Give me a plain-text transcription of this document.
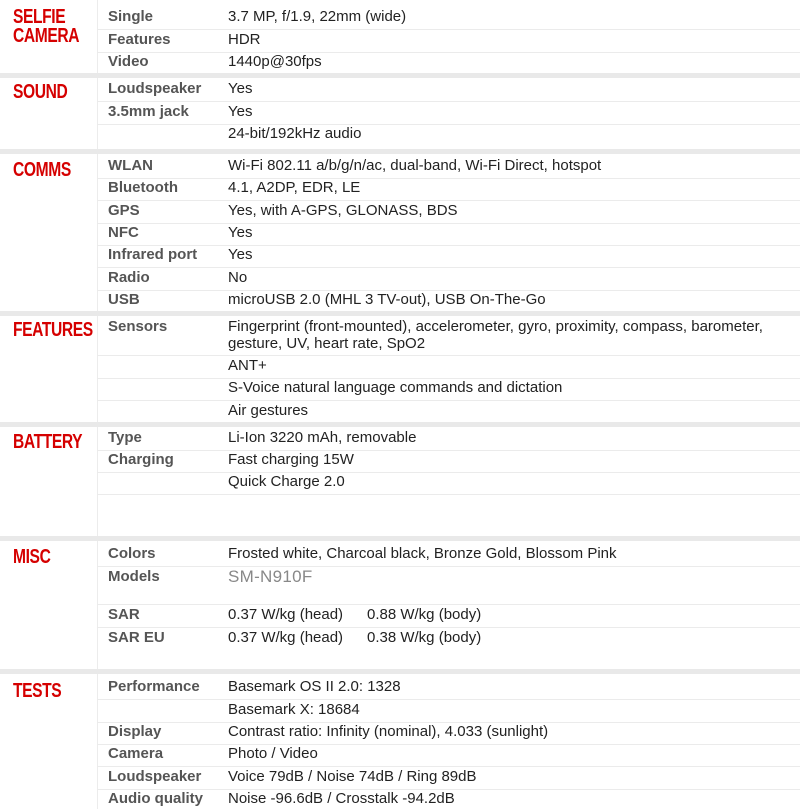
SELFIE
CAMERA
Single	3.7 MP, f/1.9, 22mm (wide)
Features	HDR
Video	1440p@30fps
SOUND	Loudspeaker Yes
3.5mm jack	Yes
24-bit/192kHz audio
COMMS WLAN	Wi-Fi 802.11 a/b/g/n/ac, dual-band, Wi-Fi Direct, hotspot
Bluetooth	4.1, A2DP, EDR, LE
GPS	Yes, with A-GPS, GLONASS, BDS
NFC	Yes
Infrared port Yes
Radio	No
USB	microUSB 2.0 (MHL 3 TV-out), USB On-The-Go
FEATURES Sensors	Fingerprint (front-mounted), accelerometer, gyro, proximity, compass, barometer, gesture, UV, heart rate, SpO2
ANT+
S-Voice natural language commands and dictation
Air gestures
BATTERY Type	Li-Ion 3220 mAh, removable
Charging	Fast charging 15W
Quick Charge 2.0
MISC	Colors	Frosted white, Charcoal black, Bronze Gold, Blossom Pink
Models	SM-N910F
SAR	0.37 W/kg (head)	0.88 W/kg (body)
SAR EU	0.37 W/kg (head)	0.38 W/kg (body)
TESTS	Performance Basemark OS II 2.0: 1328
Basemark X: 18684
Display	Contrast ratio: Infinity (nominal), 4.033 (sunlight)
Camera	Photo / Video
Loudspeaker Voice 79dB / Noise 74dB / Ring 89dB
Audio quality Noise -96.6dB / Crosstalk -94.2dB
